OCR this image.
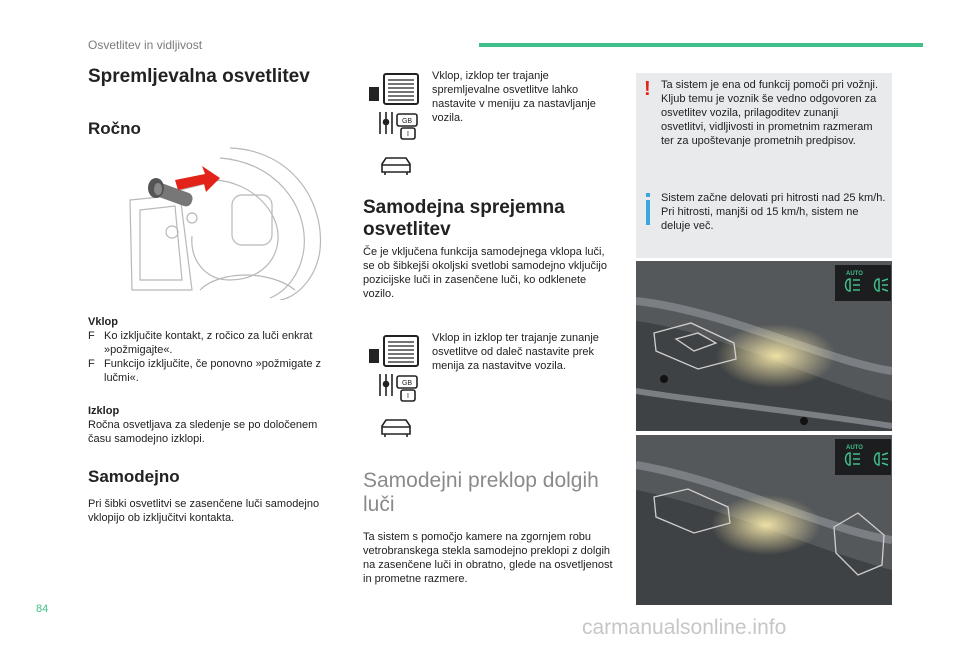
Osvetlitev in vidljivost
Spremljevalna osvetlitev
Ročno
Vklop
F Ko izključite kontakt, z ročico za luči enkrat »požmigajte«.
F Funkcijo izključite, če ponovno »požmigate z lučmi«.
Izklop
Ročna osvetljava za sledenje se po določenem času samodejno izklopi.
Samodejno
Pri šibki osvetlitvi se zasenčene luči samodejno vklopijo ob izključitvi kontakta.
GB
I
Vklop, izklop ter trajanje spremljevalne osvetlitve lahko nastavite v meniju za nastavljanje vozila.
Samodejna sprejemna osvetlitev
Če je vključena funkcija samodejnega vklopa luči, se ob šibkejši okoljski svetlobi samodejno vključijo pozicijske luči in zasenčene luči, ko odklenete vozilo.
GB
I
Vklop in izklop ter trajanje zunanje osvetlitve od daleč nastavite prek menija za nastavitve vozila.
Samodejni preklop dolgih luči
Ta sistem s pomočjo kamere na zgornjem robu vetrobranskega stekla samodejno preklopi z dolgih na zasenčene luči in obratno, glede na osvetljenost in prometne razmere.
! Ta sistem je ena od funkcij pomoči pri vožnji.
Kljub temu je voznik še vedno odgovoren za osvetlitev vozila, prilagoditev zunanji osvetlitvi, vidljivosti in prometnim razmeram ter za upoštevanje prometnih predpisov.
Sistem začne delovati pri hitrosti nad 25 km/h.
Pri hitrosti, manjši od 15 km/h, sistem ne deluje več.
AUTO
AUTO
84
carmanualsonline.info
